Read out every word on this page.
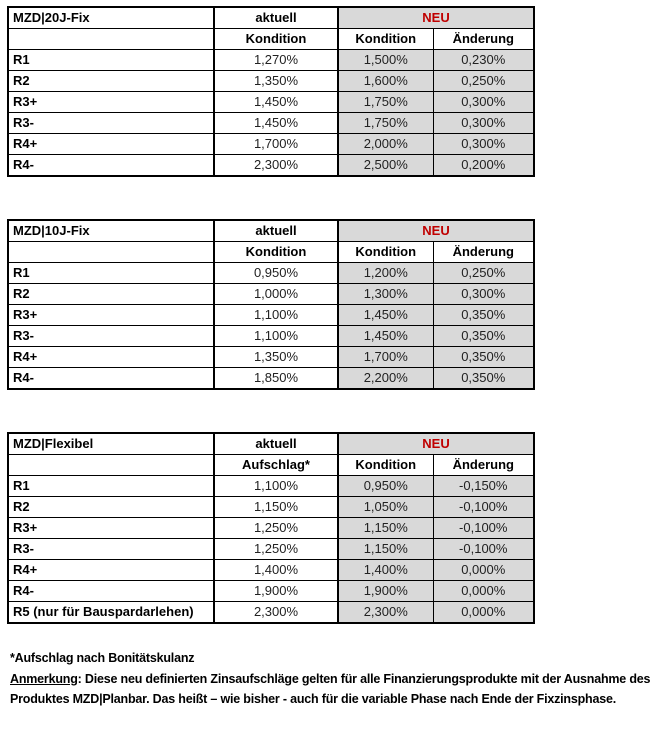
MZD|20J-Fix	aktuell	NEU	
	Kondition	Kondition	Änderung
R1	1,270%	1,500%	0,230%
R2	1,350%	1,600%	0,250%
R3+	1,450%	1,750%	0,300%
R3-	1,450%	1,750%	0,300%
R4+	1,700%	2,000%	0,300%
R4-	2,300%	2,500%	0,200%
MZD|10J-Fix	aktuell	NEU	
	Kondition	Kondition	Änderung
R1	0,950%	1,200%	0,250%
R2	1,000%	1,300%	0,300%
R3+	1,100%	1,450%	0,350%
R3-	1,100%	1,450%	0,350%
R4+	1,350%	1,700%	0,350%
R4-	1,850%	2,200%	0,350%
MZD|Flexibel	aktuell	NEU	
	Aufschlag*	Kondition	Änderung
R1	1,100%	0,950%	-0,150%
R2	1,150%	1,050%	-0,100%
R3+	1,250%	1,150%	-0,100%
R3-	1,250%	1,150%	-0,100%
R4+	1,400%	1,400%	0,000%
R4-	1,900%	1,900%	0,000%
R5 (nur für Bauspardarlehen)	2,300%	2,300%	0,000%
*Aufschlag nach Bonitätskulanz
Anmerkung: Diese neu definierten Zinsaufschläge gelten für alle Finanzierungsprodukte mit der Ausnahme des Produktes MZD|Planbar. Das heißt – wie bisher - auch für die variable Phase nach Ende der Fixzinsphase.
